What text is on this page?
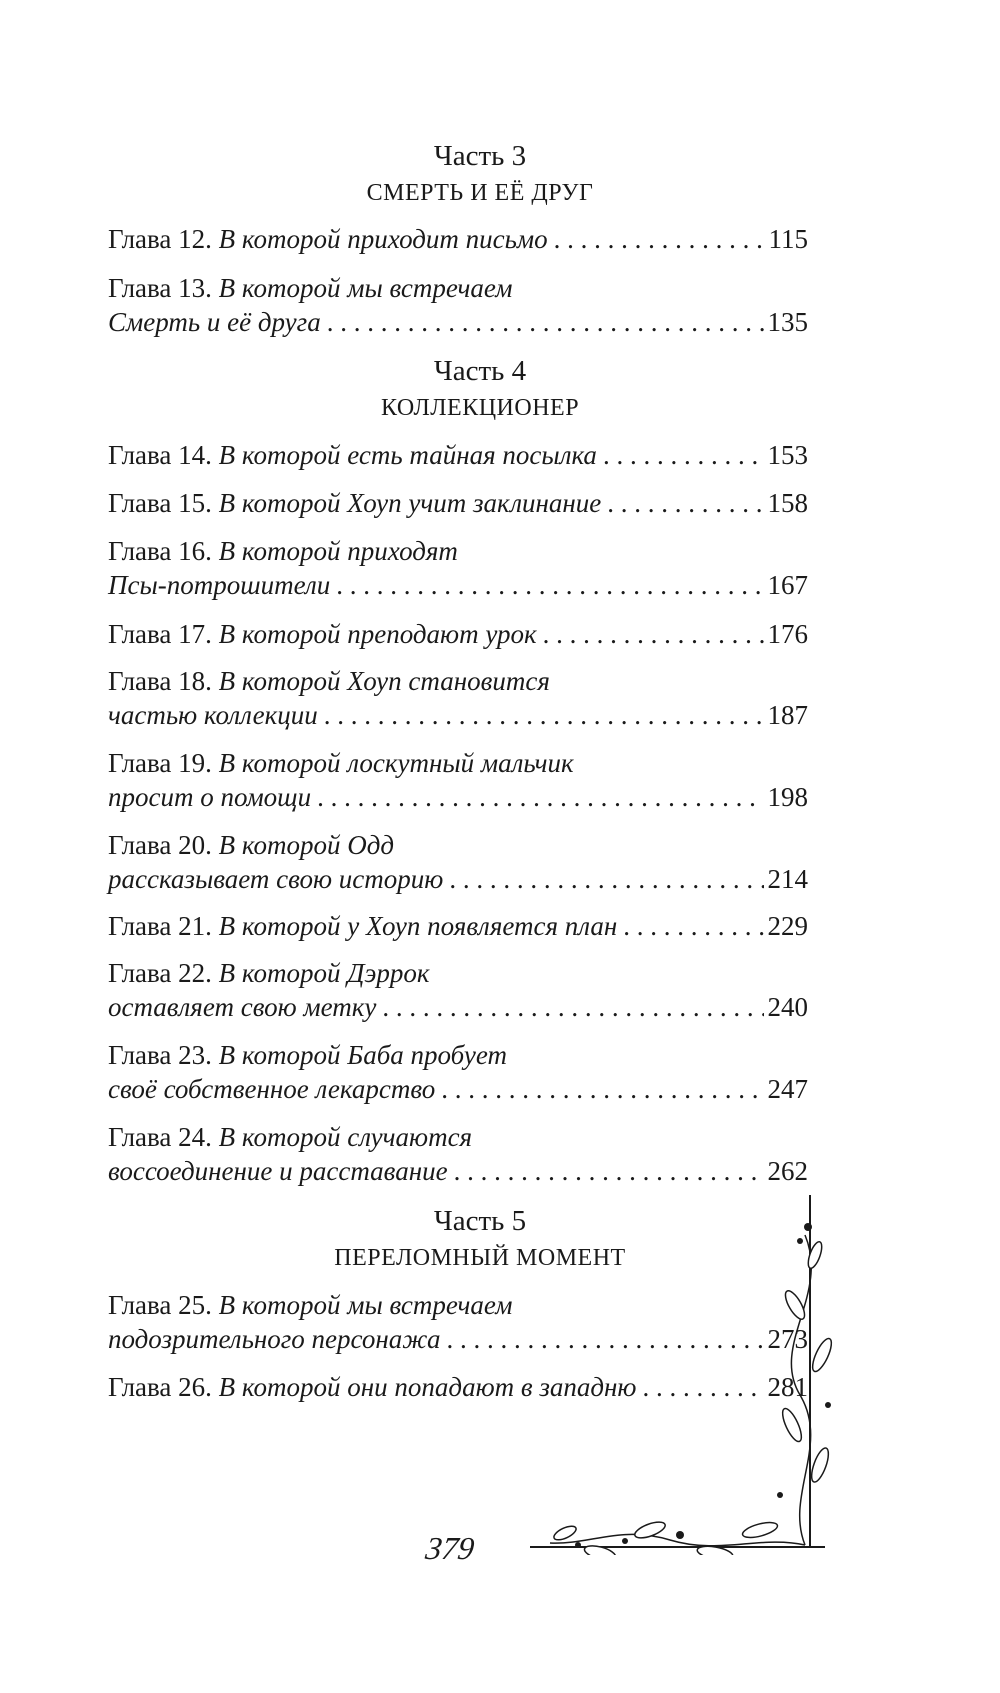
Часть 3
СМЕРТЬ И ЕЁ ДРУГ
Глава 12. В которой приходит письмо . . .	115
Глава 13. В которой мы встречаем
Смерть и её друга . . .	135
Часть 4
КОЛЛЕКЦИОНЕР
Глава 14. В которой есть тайная посылка . . .	153
Глава 15. В которой Хоуп учит заклинание . . .	158
Глава 16. В которой приходят
Псы-потрошители . . .	167
Глава 17. В которой преподают урок . . .	176
Глава 18. В которой Хоуп становится
частью коллекции . . .	187
Глава 19. В которой лоскутный мальчик
просит о помощи . . .	198
Глава 20. В которой Одд
рассказывает свою историю . . .	214
Глава 21. В которой у Хоуп появляется план . . .	229
Глава 22. В которой Дэррок
оставляет свою метку . . .	240
Глава 23. В которой Баба пробует
своё собственное лекарство . . .	247
Глава 24. В которой случаются
воссоединение и расставание . . .	262
Часть 5
ПЕРЕЛОМНЫЙ МОМЕНТ
Глава 25. В которой мы встречаем
подозрительного персонажа . . .	273
Глава 26. В которой они попадают в западню . . .	281
379
